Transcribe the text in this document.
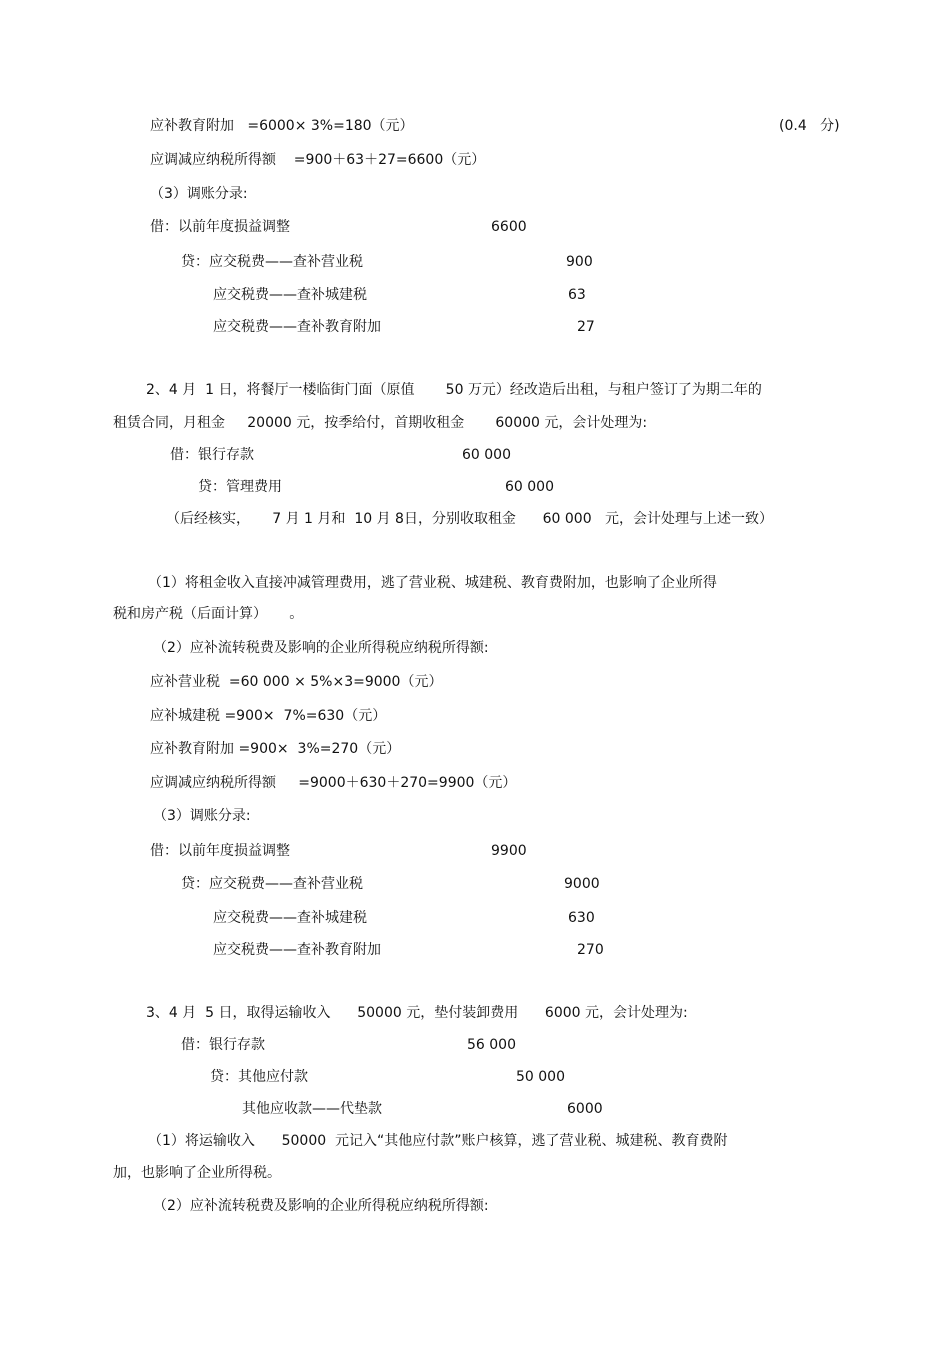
应补教育附加   =6000× 3%=180（元）	(0.4   分)
应调减应纳税所得额    =900＋63＋27=6600（元）
（3）调账分录:
借：以前年度损益调整	6600
贷：应交税费——查补营业税	900
应交税费——查补城建税	63
应交税费——查补教育附加	27
2、4 月  1 日，将餐厅一楼临街门面（原值       50 万元）经改造后出租，与租户签订了为期二年的
租赁合同，月租金     20000 元，按季给付，首期收租金       60000 元，会计处理为:
借：银行存款	60 000
贷：管理费用	60 000
（后经核实，     7 月 1 月和  10 月 8日，分别收取租金      60 000   元，会计处理与上述一致）
（1）将租金收入直接冲减管理费用，逃了营业税、城建税、教育费附加，也影响了企业所得
税和房产税（后面计算）     。
（2）应补流转税费及影响的企业所得税应纳税所得额:
应补营业税  =60 000 × 5%×3=9000（元）
应补城建税 =900×  7%=630（元）
应补教育附加 =900×  3%=270（元）
应调减应纳税所得额     =9000＋630＋270=9900（元）
（3）调账分录:
借：以前年度损益调整	9900
贷：应交税费——查补营业税	9000
应交税费——查补城建税	630
应交税费——查补教育附加	270
3、4 月  5 日，取得运输收入      50000 元，垫付装卸费用      6000 元，会计处理为:
借：银行存款	56 000
贷：其他应付款	50 000
其他应收款——代垫款	6000
（1）将运输收入      50000  元记入“其他应付款”账户核算，逃了营业税、城建税、教育费附
加，也影响了企业所得税。
（2）应补流转税费及影响的企业所得税应纳税所得额:
